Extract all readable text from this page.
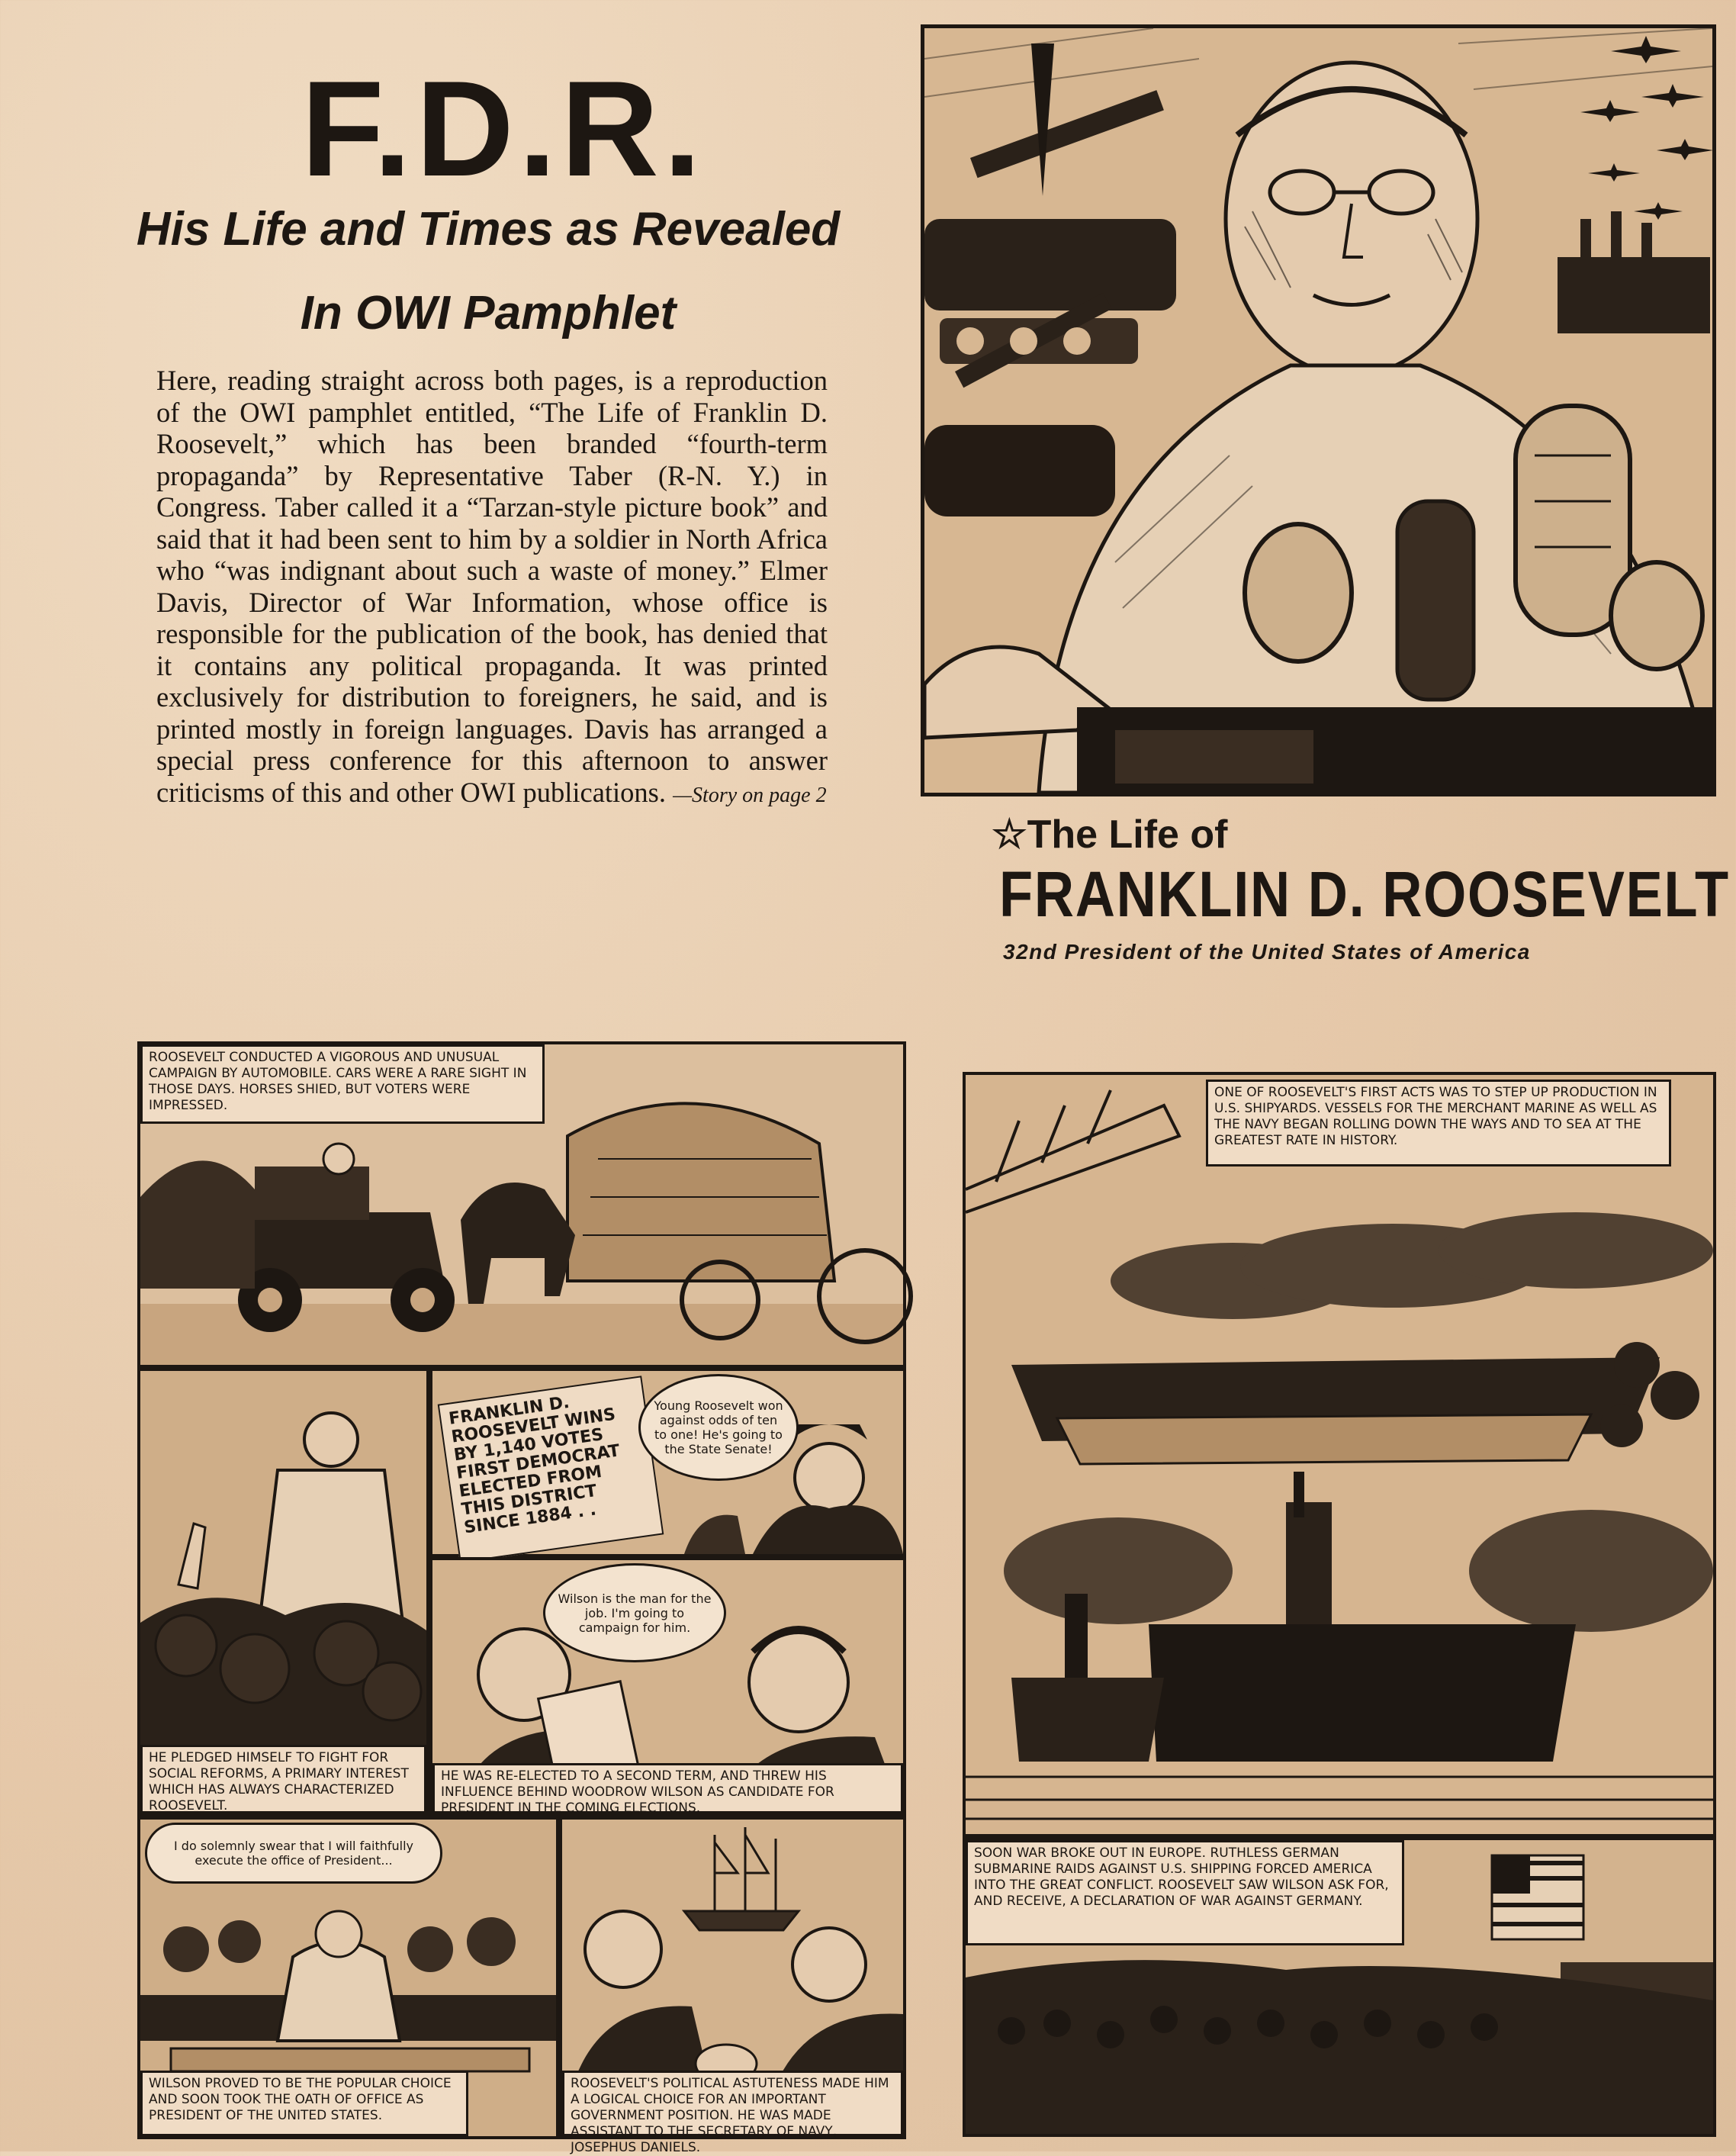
F.D.R.
His Life and Times as Revealed
In OWI Pamphlet
Here, reading straight across both pages, is a reproduction of the OWI pamphlet entitled, “The Life of Franklin D. Roosevelt,” which has been branded “fourth-term propaganda” by Representative Taber (R-N. Y.) in Congress. Taber called it a “Tarzan-style picture book” and said that it had been sent to him by a soldier in North Africa who “was indignant about such a waste of money.” Elmer Davis, Director of War Information, whose office is responsible for the publication of the book, has denied that it contains any political propaganda. It was printed exclusively for distribution to foreigners, he said, and is printed mostly in foreign languages. Davis has arranged a special press conference for this afternoon to answer criticisms of this and other OWI publications. —Story on page 2
☆The Life of
FRANKLIN D. ROOSEVELT
32nd President of the United States of America
ROOSEVELT CONDUCTED A VIGOROUS AND UNUSUAL CAMPAIGN BY AUTOMOBILE. CARS WERE A RARE SIGHT IN THOSE DAYS. HORSES SHIED, BUT VOTERS WERE IMPRESSED.
HE PLEDGED HIMSELF TO FIGHT FOR SOCIAL REFORMS, A PRIMARY INTEREST WHICH HAS ALWAYS CHARACTERIZED ROOSEVELT.
FRANKLIN D. ROOSEVELT WINS BY 1,140 VOTES FIRST DEMOCRAT ELECTED FROM THIS DISTRICT SINCE 1884 . .
Young Roosevelt won against odds of ten to one! He's going to the State Senate!
Wilson is the man for the job. I'm going to campaign for him.
HE WAS RE-ELECTED TO A SECOND TERM, AND THREW HIS INFLUENCE BEHIND WOODROW WILSON AS CANDIDATE FOR PRESIDENT IN THE COMING ELECTIONS.
I do solemnly swear that I will faithfully execute the office of President...
WILSON PROVED TO BE THE POPULAR CHOICE AND SOON TOOK THE OATH OF OFFICE AS PRESIDENT OF THE UNITED STATES.
ROOSEVELT'S POLITICAL ASTUTENESS MADE HIM A LOGICAL CHOICE FOR AN IMPORTANT GOVERNMENT POSITION. HE WAS MADE ASSISTANT TO THE SECRETARY OF NAVY, JOSEPHUS DANIELS.
ONE OF ROOSEVELT'S FIRST ACTS WAS TO STEP UP PRODUCTION IN U.S. SHIPYARDS. VESSELS FOR THE MERCHANT MARINE AS WELL AS THE NAVY BEGAN ROLLING DOWN THE WAYS AND TO SEA AT THE GREATEST RATE IN HISTORY.
SOON WAR BROKE OUT IN EUROPE. RUTHLESS GERMAN SUBMARINE RAIDS AGAINST U.S. SHIPPING FORCED AMERICA INTO THE GREAT CONFLICT. ROOSEVELT SAW WILSON ASK FOR, AND RECEIVE, A DECLARATION OF WAR AGAINST GERMANY.
